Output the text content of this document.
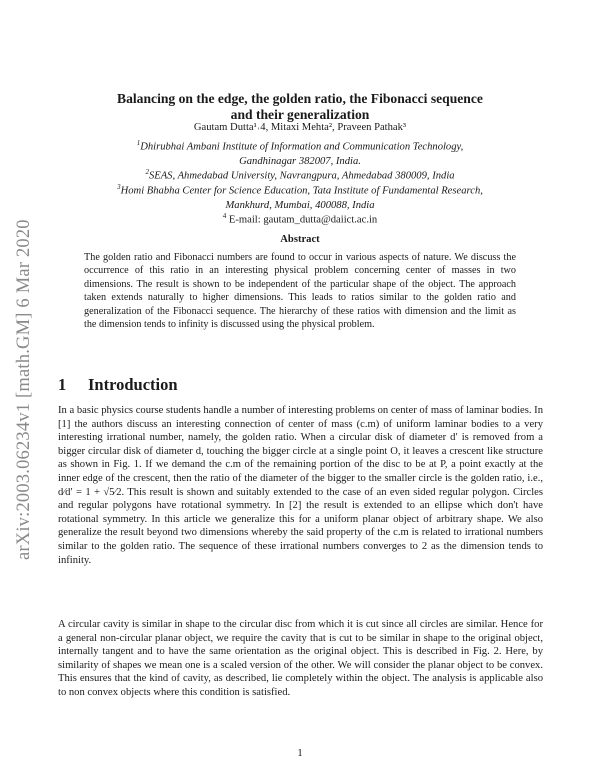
arXiv:2003.06234v1 [math.GM] 6 Mar 2020
Balancing on the edge, the golden ratio, the Fibonacci sequence
and their generalization
Gautam Dutta¹˒4, Mitaxi Mehta², Praveen Pathak³
$^1$Dhirubhai Ambani Institute of Information and Communication Technology,
Gandhinagar 382007, India.
$^2$SEAS, Ahmedabad University, Navrangpura, Ahmedabad 380009, India
$^3$Homi Bhabha Center for Science Education, Tata Institute of Fundamental Research,
Mankhurd, Mumbai, 400088, India
$^4$ E-mail: gautam_dutta@daiict.ac.in
Abstract
The golden ratio and Fibonacci numbers are found to occur in various aspects of nature. We discuss the occurrence of this ratio in an interesting physical problem concerning center of masses in two dimensions. The result is shown to be independent of the particular shape of the object. The approach taken extends naturally to higher dimensions. This leads to ratios similar to the golden ratio and generalization of the Fibonacci sequence. The hierarchy of these ratios with dimension and the limit as the dimension tends to infinity is discussed using the physical problem.
1 Introduction
In a basic physics course students handle a number of interesting problems on center of mass of laminar bodies. In [1] the authors discuss an interesting connection of center of mass (c.m) of uniform laminar bodies to a very interesting irrational number, namely, the golden ratio. When a circular disk of diameter d′ is removed from a bigger circular disk of diameter d, touching the bigger circle at a single point O, it leaves a crescent like structure as shown in Fig. 1. If we demand the c.m of the remaining portion of the disc to be at P, a point exactly at the inner edge of the crescent, then the ratio of the diameter of the bigger to the smaller circle is the golden ratio, i.e., d⁄d′ = 1 + √5⁄2. This result is shown and suitably extended to the case of an even sided regular polygon. Circles and regular polygons have rotational symmetry. In [2] the result is extended to an ellipse which don't have rotational symmetry. In this article we generalize this for a uniform planar object of arbitrary shape. We also generalize the result beyond two dimensions whereby the said property of the c.m is related to irrational numbers similar to the golden ratio. The sequence of these irrational numbers converges to 2 as the dimension tends to infinity.
A circular cavity is similar in shape to the circular disc from which it is cut since all circles are similar. Hence for a general non-circular planar object, we require the cavity that is cut to be similar in shape to the original object, internally tangent and to have the same orientation as the original object. This is described in Fig. 2. Here, by similarity of shapes we mean one is a scaled version of the other. We will consider the planar object to be convex. This ensures that the kind of cavity, as described, lie completely within the object. The analysis is applicable also to non convex objects where this condition is satisfied.
1
